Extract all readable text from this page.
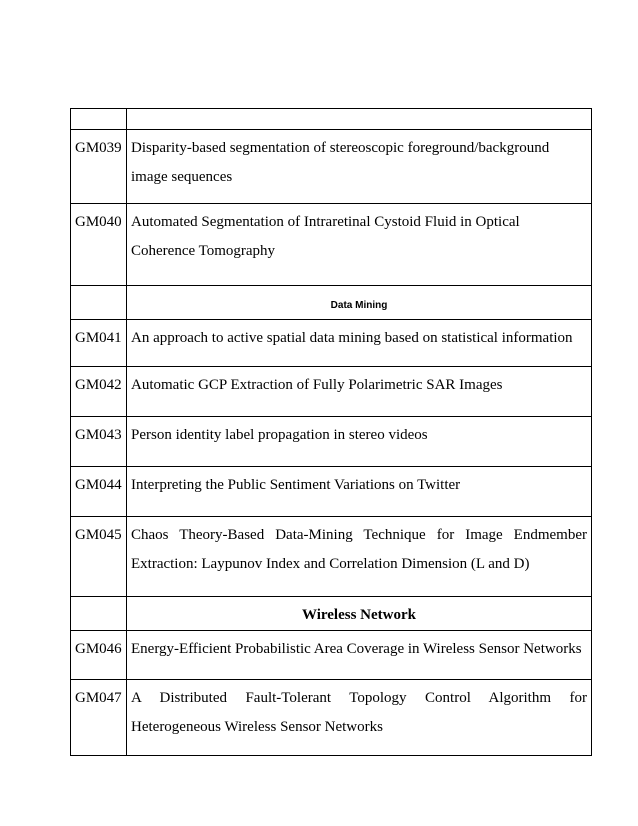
GM039	Disparity-based segmentation of stereoscopic foreground/background image sequences
GM040	Automated Segmentation of Intraretinal Cystoid Fluid in Optical Coherence Tomography
	Data Mining
GM041	An approach to active spatial data mining based on statistical information
GM042	Automatic GCP Extraction of Fully Polarimetric SAR Images
GM043	Person identity label propagation in stereo videos
GM044	Interpreting the Public Sentiment Variations on Twitter
GM045	Chaos Theory-Based Data-Mining Technique for Image Endmember Extraction: Laypunov Index and Correlation Dimension (L and D)
	Wireless Network
GM046	Energy-Efficient Probabilistic Area Coverage in Wireless Sensor Networks
GM047	A Distributed Fault-Tolerant Topology Control Algorithm for Heterogeneous Wireless Sensor Networks
